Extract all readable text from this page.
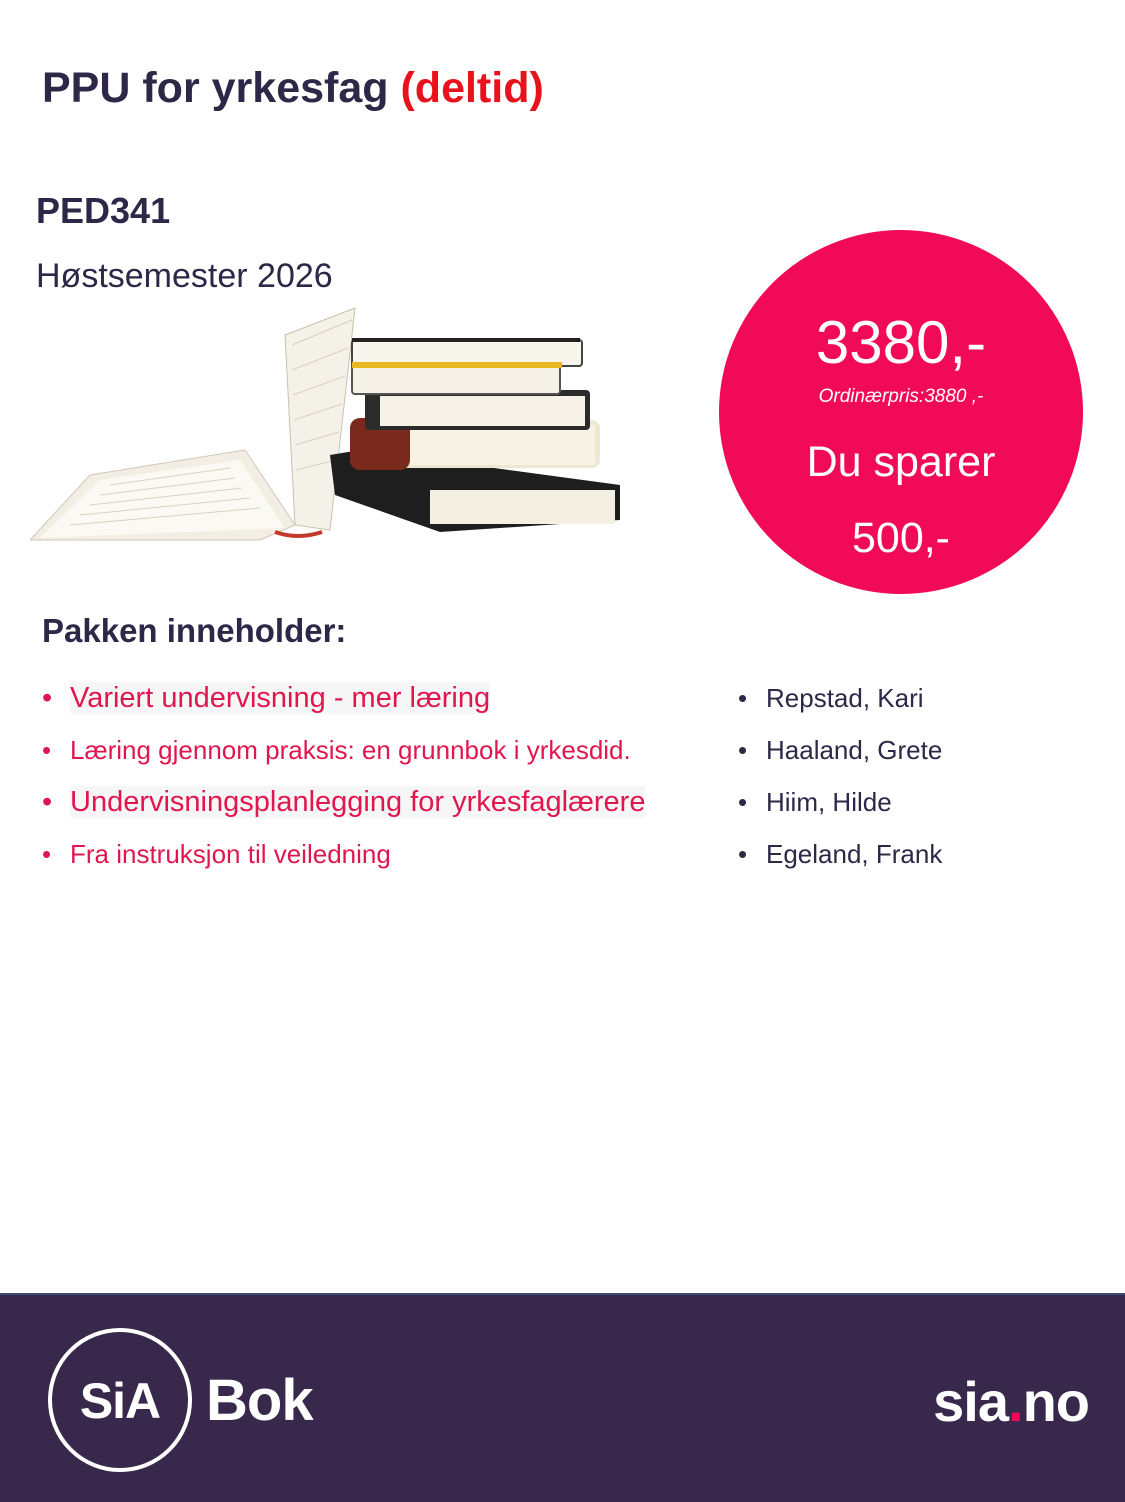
PPU for yrkesfag (deltid)
PED341

Høstsemester 2026

3380,-
Ordinærpris:3880 ,-
Du sparer
500,-
Pakken inneholder:
• Variert undervisning - mer læring
• Læring gjennom praksis: en grunnbok i yrkesdid.
• Undervisningsplanlegging for yrkesfaglærere
• Fra instruksjon til veiledning
• Repstad, Kari
• Haaland, Grete
• Hiim, Hilde
• Egeland, Frank
SiA Bok	sia.no
